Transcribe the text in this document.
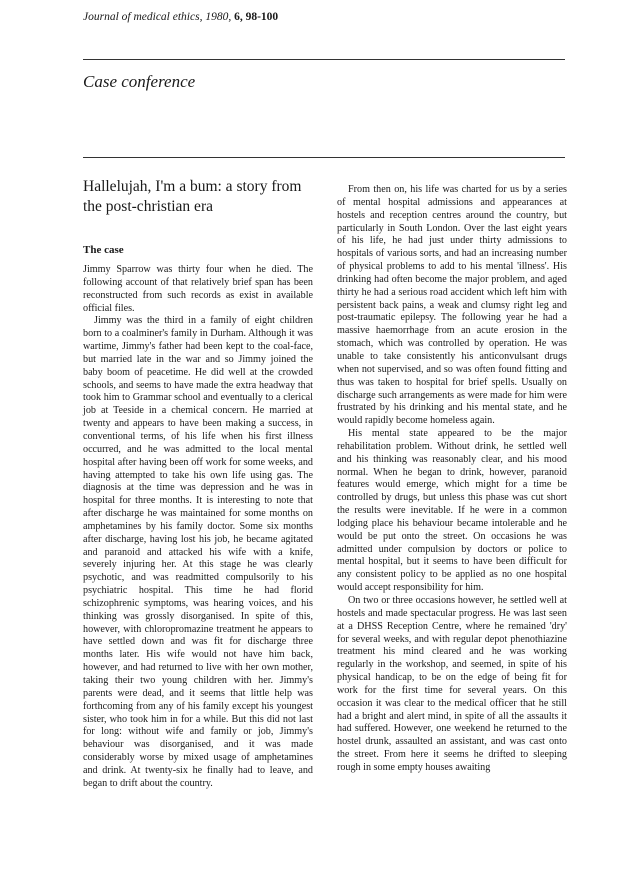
Journal of medical ethics, 1980, 6, 98-100
Case conference
Hallelujah, I'm a bum: a story from the post-christian era
The case

Jimmy Sparrow was thirty four when he died. The following account of that relatively brief span has been reconstructed from such records as exist in available official files.

Jimmy was the third in a family of eight children born to a coalminer's family in Durham. Although it was wartime, Jimmy's father had been kept to the coal-face, but married late in the war and so Jimmy joined the baby boom of peacetime. He did well at the crowded schools, and seems to have made the extra headway that took him to Grammar school and eventually to a clerical job at Teeside in a chemical concern. He married at twenty and appears to have been making a success, in conventional terms, of his life when his first illness occurred, and he was admitted to the local mental hospital after having been off work for some weeks, and having attempted to take his own life using gas. The diagnosis at the time was depression and he was in hospital for three months. It is interesting to note that after discharge he was maintained for some months on amphetamines by his family doctor. Some six months after discharge, having lost his job, he became agitated and paranoid and attacked his wife with a knife, severely injuring her. At this stage he was clearly psychotic, and was readmitted compulsorily to his psychiatric hospital. This time he had florid schizophrenic symptoms, was hearing voices, and his thinking was grossly disorganised. In spite of this, however, with chloropromazine treatment he appears to have settled down and was fit for discharge three months later. His wife would not have him back, however, and had returned to live with her own mother, taking their two young children with her. Jimmy's parents were dead, and it seems that little help was forthcoming from any of his family except his youngest sister, who took him in for a while. But this did not last for long: without wife and family or job, Jimmy's behaviour was disorganised, and it was made considerably worse by mixed usage of amphetamines and drink. At twenty-six he finally had to leave, and began to drift about the country.

From then on, his life was charted for us by a series of mental hospital admissions and appearances at hostels and reception centres around the country, but particularly in South London. Over the last eight years of his life, he had just under thirty admissions to hospitals of various sorts, and had an increasing number of physical problems to add to his mental 'illness'. His drinking had often become the major problem, and aged thirty he had a serious road accident which left him with persistent back pains, a weak and clumsy right leg and post-traumatic epilepsy. The following year he had a massive haemorrhage from an acute erosion in the stomach, which was controlled by operation. He was unable to take consistently his anticonvulsant drugs when not supervised, and so was often found fitting and thus was taken to hospital for brief spells. Usually on discharge such arrangements as were made for him were frustrated by his drinking and his mental state, and he would rapidly become homeless again.

His mental state appeared to be the major rehabilitation problem. Without drink, he settled well and his thinking was reasonably clear, and his mood normal. When he began to drink, however, paranoid features would emerge, which might for a time be controlled by drugs, but unless this phase was cut short the results were inevitable. If he were in a common lodging place his behaviour became intolerable and he would be put onto the street. On occasions he was admitted under compulsion by doctors or police to mental hospital, but it seems to have been difficult for any consistent policy to be applied as no one hospital would accept responsibility for him.

On two or three occasions however, he settled well at hostels and made spectacular progress. He was last seen at a DHSS Reception Centre, where he remained 'dry' for several weeks, and with regular depot phenothiazine treatment his mind cleared and he was working regularly in the workshop, and seemed, in spite of his physical handicap, to be on the edge of being fit for work for the first time for several years. On this occasion it was clear to the medical officer that he still had a bright and alert mind, in spite of all the assaults it had suffered. However, one weekend he returned to the hostel drunk, assaulted an assistant, and was cast onto the street. From here it seems he drifted to sleeping rough in some empty houses awaiting
